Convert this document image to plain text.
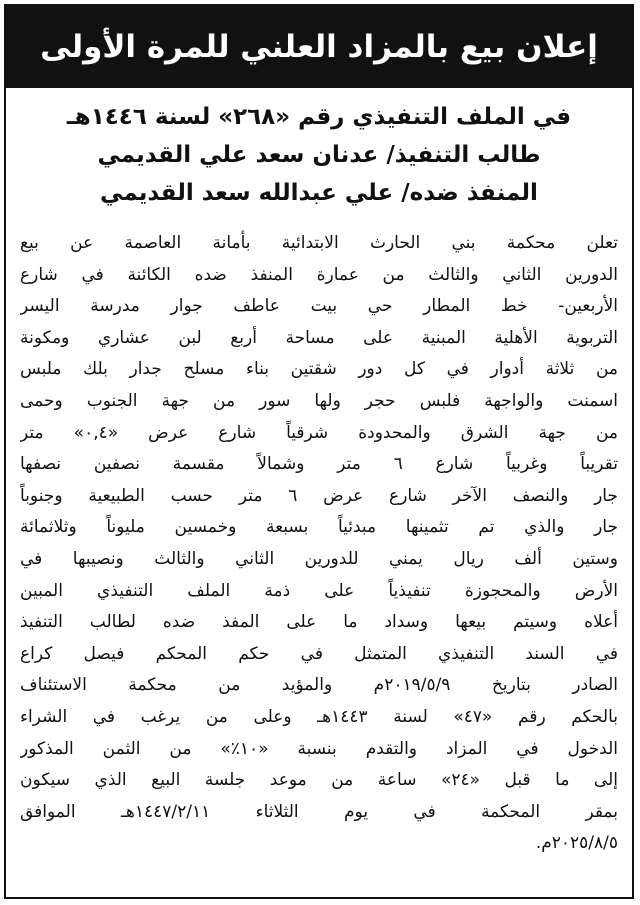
إعلان بيع بالمزاد العلني للمرة الأولى
في الملف التنفيذي رقم «٢٦٨» لسنة ١٤٤٦هـ
طالب التنفيذ/ عدنان سعد علي القديمي
المنفذ ضده/ علي عبدالله سعد القديمي
تعلن محكمة بني الحارث الابتدائية بأمانة العاصمة عن بيع
الدورين الثاني والثالث من عمارة المنفذ ضده الكائنة في شارع
الأربعين- خط المطار حي بيت عاطف جوار مدرسة اليسر
التربوية الأهلية المبنية على مساحة أربع لبن عشاري ومكونة
من ثلاثة أدوار في كل دور شقتين بناء مسلح جدار بلك ملبس
اسمنت والواجهة فلبس حجر ولها سور من جهة الجنوب وحمى
من جهة الشرق والمحدودة شرقياً شارع عرض «٠,٤» متر
تقريباً وغربياً شارع ٦ متر وشمالاً مقسمة نصفين نصفها
جار والنصف الآخر شارع عرض ٦ متر حسب الطبيعية وجنوباً
جار والذي تم تثمينها مبدئياً بسبعة وخمسين مليوناً وثلاثمائة
وستين ألف ريال يمني للدورين الثاني والثالث ونصيبها في
الأرض والمحجوزة تنفيذياً على ذمة الملف التنفيذي المبين
أعلاه وسيتم بيعها وسداد ما على المفذ ضده لطالب التنفيذ
في السند التنفيذي المتمثل في حكم المحكم فيصل كراع
الصادر بتاريخ ٢٠١٩/٥/٩م والمؤيد من محكمة الاستئناف
بالحكم رقم «٤٧» لسنة ١٤٤٣هـ وعلى من يرغب في الشراء
الدخول في المزاد والتقدم بنسبة «١٠٪» من الثمن المذكور
إلى ما قبل «٢٤» ساعة من موعد جلسة البيع الذي سيكون
بمقر المحكمة في يوم الثلاثاء ١٤٤٧/٢/١١هـ الموافق
٢٠٢٥/٨/٥م.
